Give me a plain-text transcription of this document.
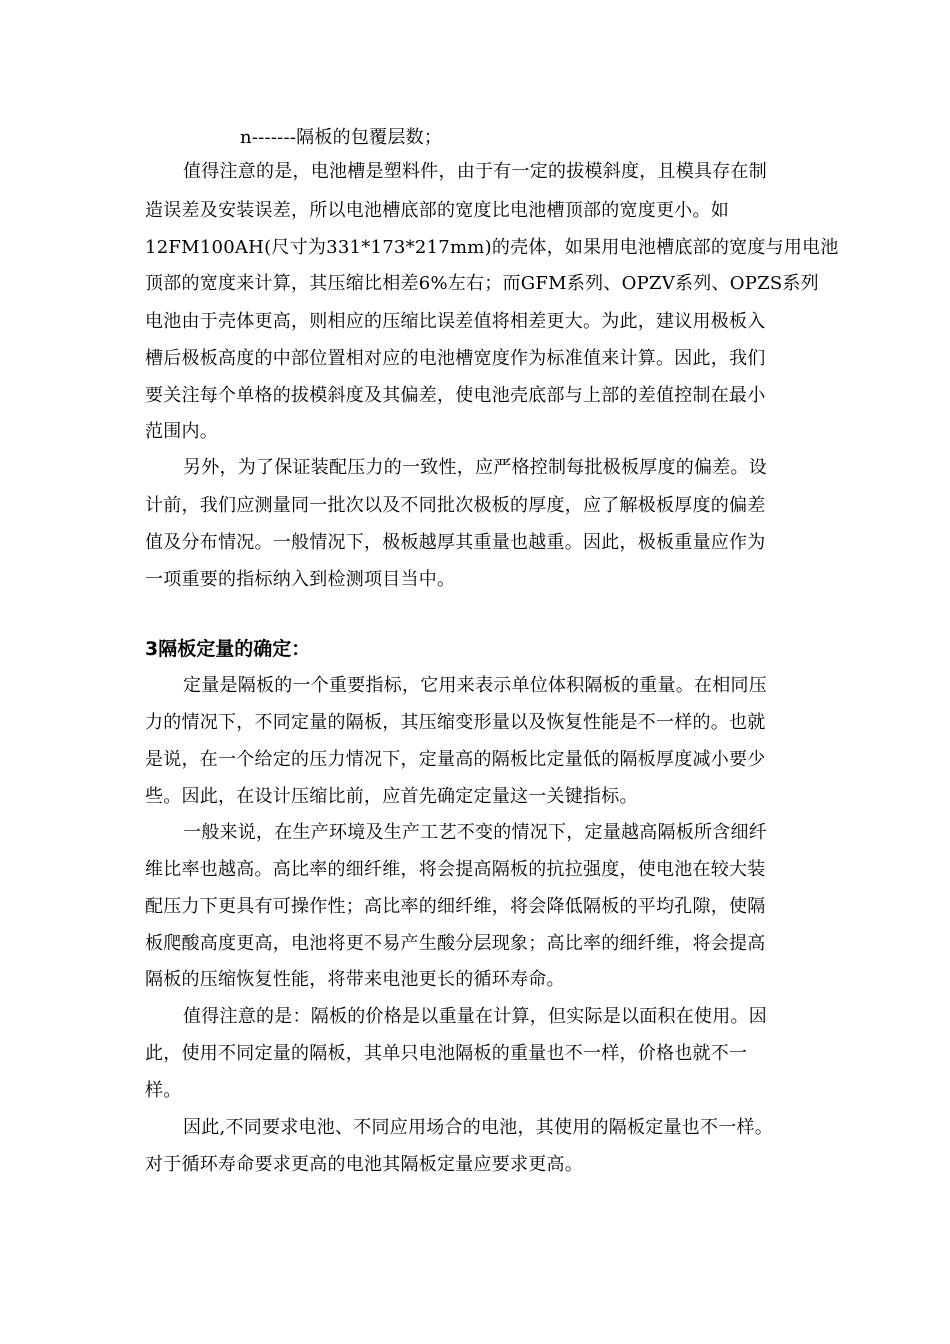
n-------隔板的包覆层数；
值得注意的是，电池槽是塑料件，由于有一定的拔模斜度，且模具存在制
造误差及安装误差，所以电池槽底部的宽度比电池槽顶部的宽度更小。如
12FM100AH(尺寸为331*173*217mm)的壳体，如果用电池槽底部的宽度与用电池
顶部的宽度来计算，其压缩比相差6%左右；而GFM系列、OPZV系列、OPZS系列
电池由于壳体更高，则相应的压缩比误差值将相差更大。为此，建议用极板入
槽后极板高度的中部位置相对应的电池槽宽度作为标准值来计算。因此，我们
要关注每个单格的拔模斜度及其偏差，使电池壳底部与上部的差值控制在最小
范围内。
另外，为了保证装配压力的一致性，应严格控制每批极板厚度的偏差。设
计前，我们应测量同一批次以及不同批次极板的厚度，应了解极板厚度的偏差
值及分布情况。一般情况下，极板越厚其重量也越重。因此，极板重量应作为
一项重要的指标纳入到检测项目当中。
3隔板定量的确定：
定量是隔板的一个重要指标，它用来表示单位体积隔板的重量。在相同压
力的情况下，不同定量的隔板，其压缩变形量以及恢复性能是不一样的。也就
是说，在一个给定的压力情况下，定量高的隔板比定量低的隔板厚度减小要少
些。因此，在设计压缩比前，应首先确定定量这一关键指标。
一般来说，在生产环境及生产工艺不变的情况下，定量越高隔板所含细纤
维比率也越高。高比率的细纤维，将会提高隔板的抗拉强度，使电池在较大装
配压力下更具有可操作性；高比率的细纤维，将会降低隔板的平均孔隙，使隔
板爬酸高度更高，电池将更不易产生酸分层现象；高比率的细纤维，将会提高
隔板的压缩恢复性能，将带来电池更长的循环寿命。
值得注意的是：隔板的价格是以重量在计算，但实际是以面积在使用。因
此，使用不同定量的隔板，其单只电池隔板的重量也不一样，价格也就不一
样。
因此,不同要求电池、不同应用场合的电池，其使用的隔板定量也不一样。
对于循环寿命要求更高的电池其隔板定量应要求更高。
